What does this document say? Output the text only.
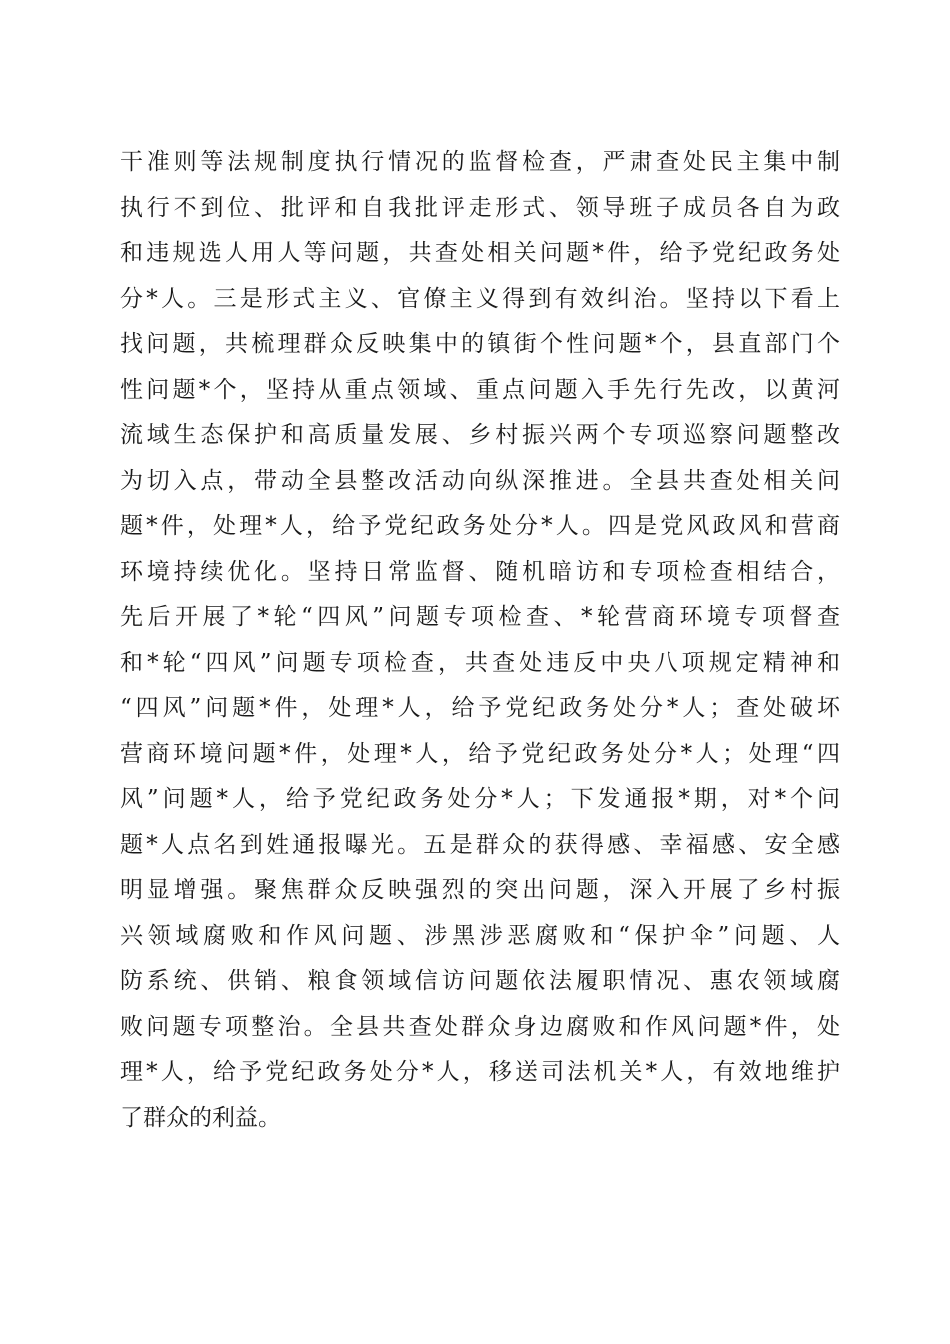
干准则等法规制度执行情况的监督检查，严肃查处民主集中制
执行不到位、批评和自我批评走形式、领导班子成员各自为政
和违规选人用人等问题，共查处相关问题*件，给予党纪政务处
分*人。三是形式主义、官僚主义得到有效纠治。坚持以下看上
找问题，共梳理群众反映集中的镇街个性问题*个，县直部门个
性问题*个，坚持从重点领域、重点问题入手先行先改，以黄河
流域生态保护和高质量发展、乡村振兴两个专项巡察问题整改
为切入点，带动全县整改活动向纵深推进。全县共查处相关问
题*件，处理*人，给予党纪政务处分*人。四是党风政风和营商
环境持续优化。坚持日常监督、随机暗访和专项检查相结合，
先后开展了*轮“四风”问题专项检查、*轮营商环境专项督查
和*轮“四风”问题专项检查，共查处违反中央八项规定精神和
“四风”问题*件，处理*人，给予党纪政务处分*人；查处破坏
营商环境问题*件，处理*人，给予党纪政务处分*人；处理“四
风”问题*人，给予党纪政务处分*人；下发通报*期，对*个问
题*人点名到姓通报曝光。五是群众的获得感、幸福感、安全感
明显增强。聚焦群众反映强烈的突出问题，深入开展了乡村振
兴领域腐败和作风问题、涉黑涉恶腐败和“保护伞”问题、人
防系统、供销、粮食领域信访问题依法履职情况、惠农领域腐
败问题专项整治。全县共查处群众身边腐败和作风问题*件，处
理*人，给予党纪政务处分*人，移送司法机关*人，有效地维护
了群众的利益。
